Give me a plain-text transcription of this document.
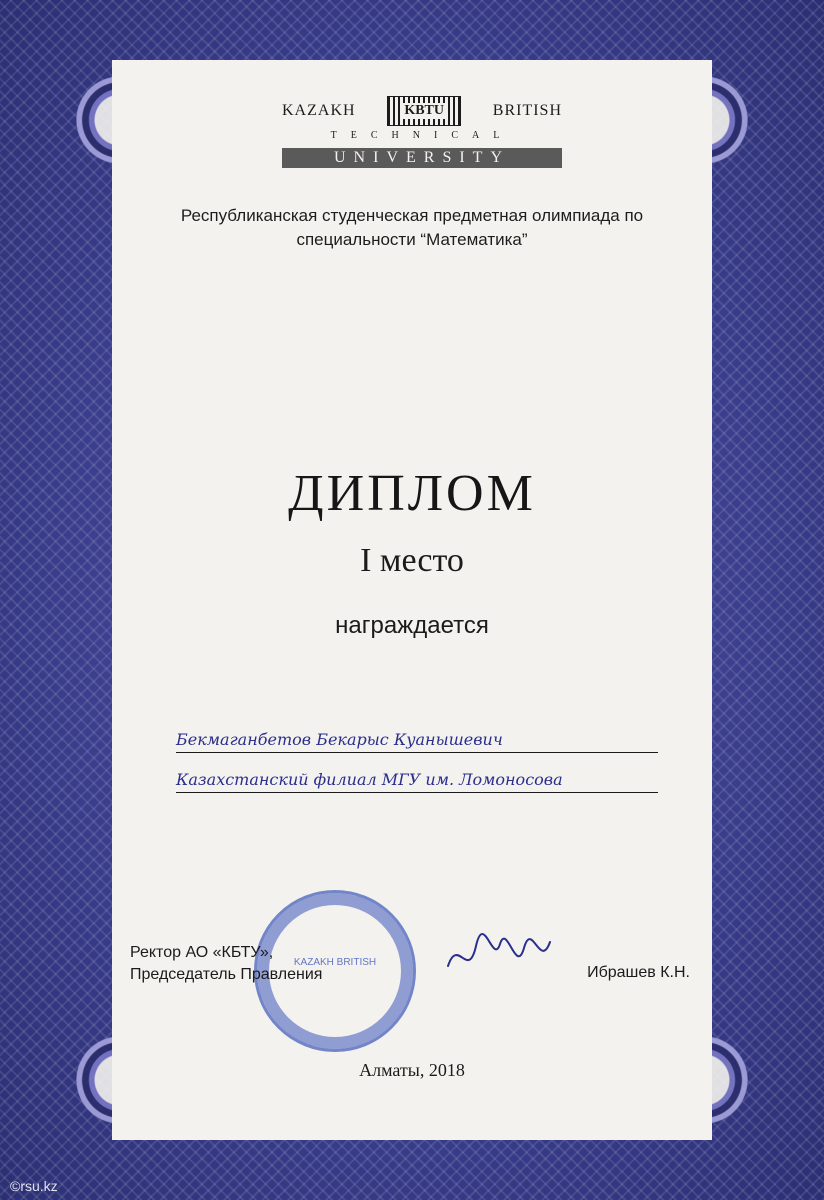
KAZAKH	KBTU	BRITISH
TECHNICAL
UNIVERSITY
Республиканская студенческая предметная олимпиада по специальности “Математика”
ДИПЛОМ
I место
награждается
Бекмаганбетов Бекарыс Куанышевич
Казахстанский филиал МГУ им. Ломоносова
KAZAKH BRITISH
Ректор АО «КБТУ»,
Председатель Правления	Ибрашев К.Н.
Алматы, 2018
©rsu.kz
